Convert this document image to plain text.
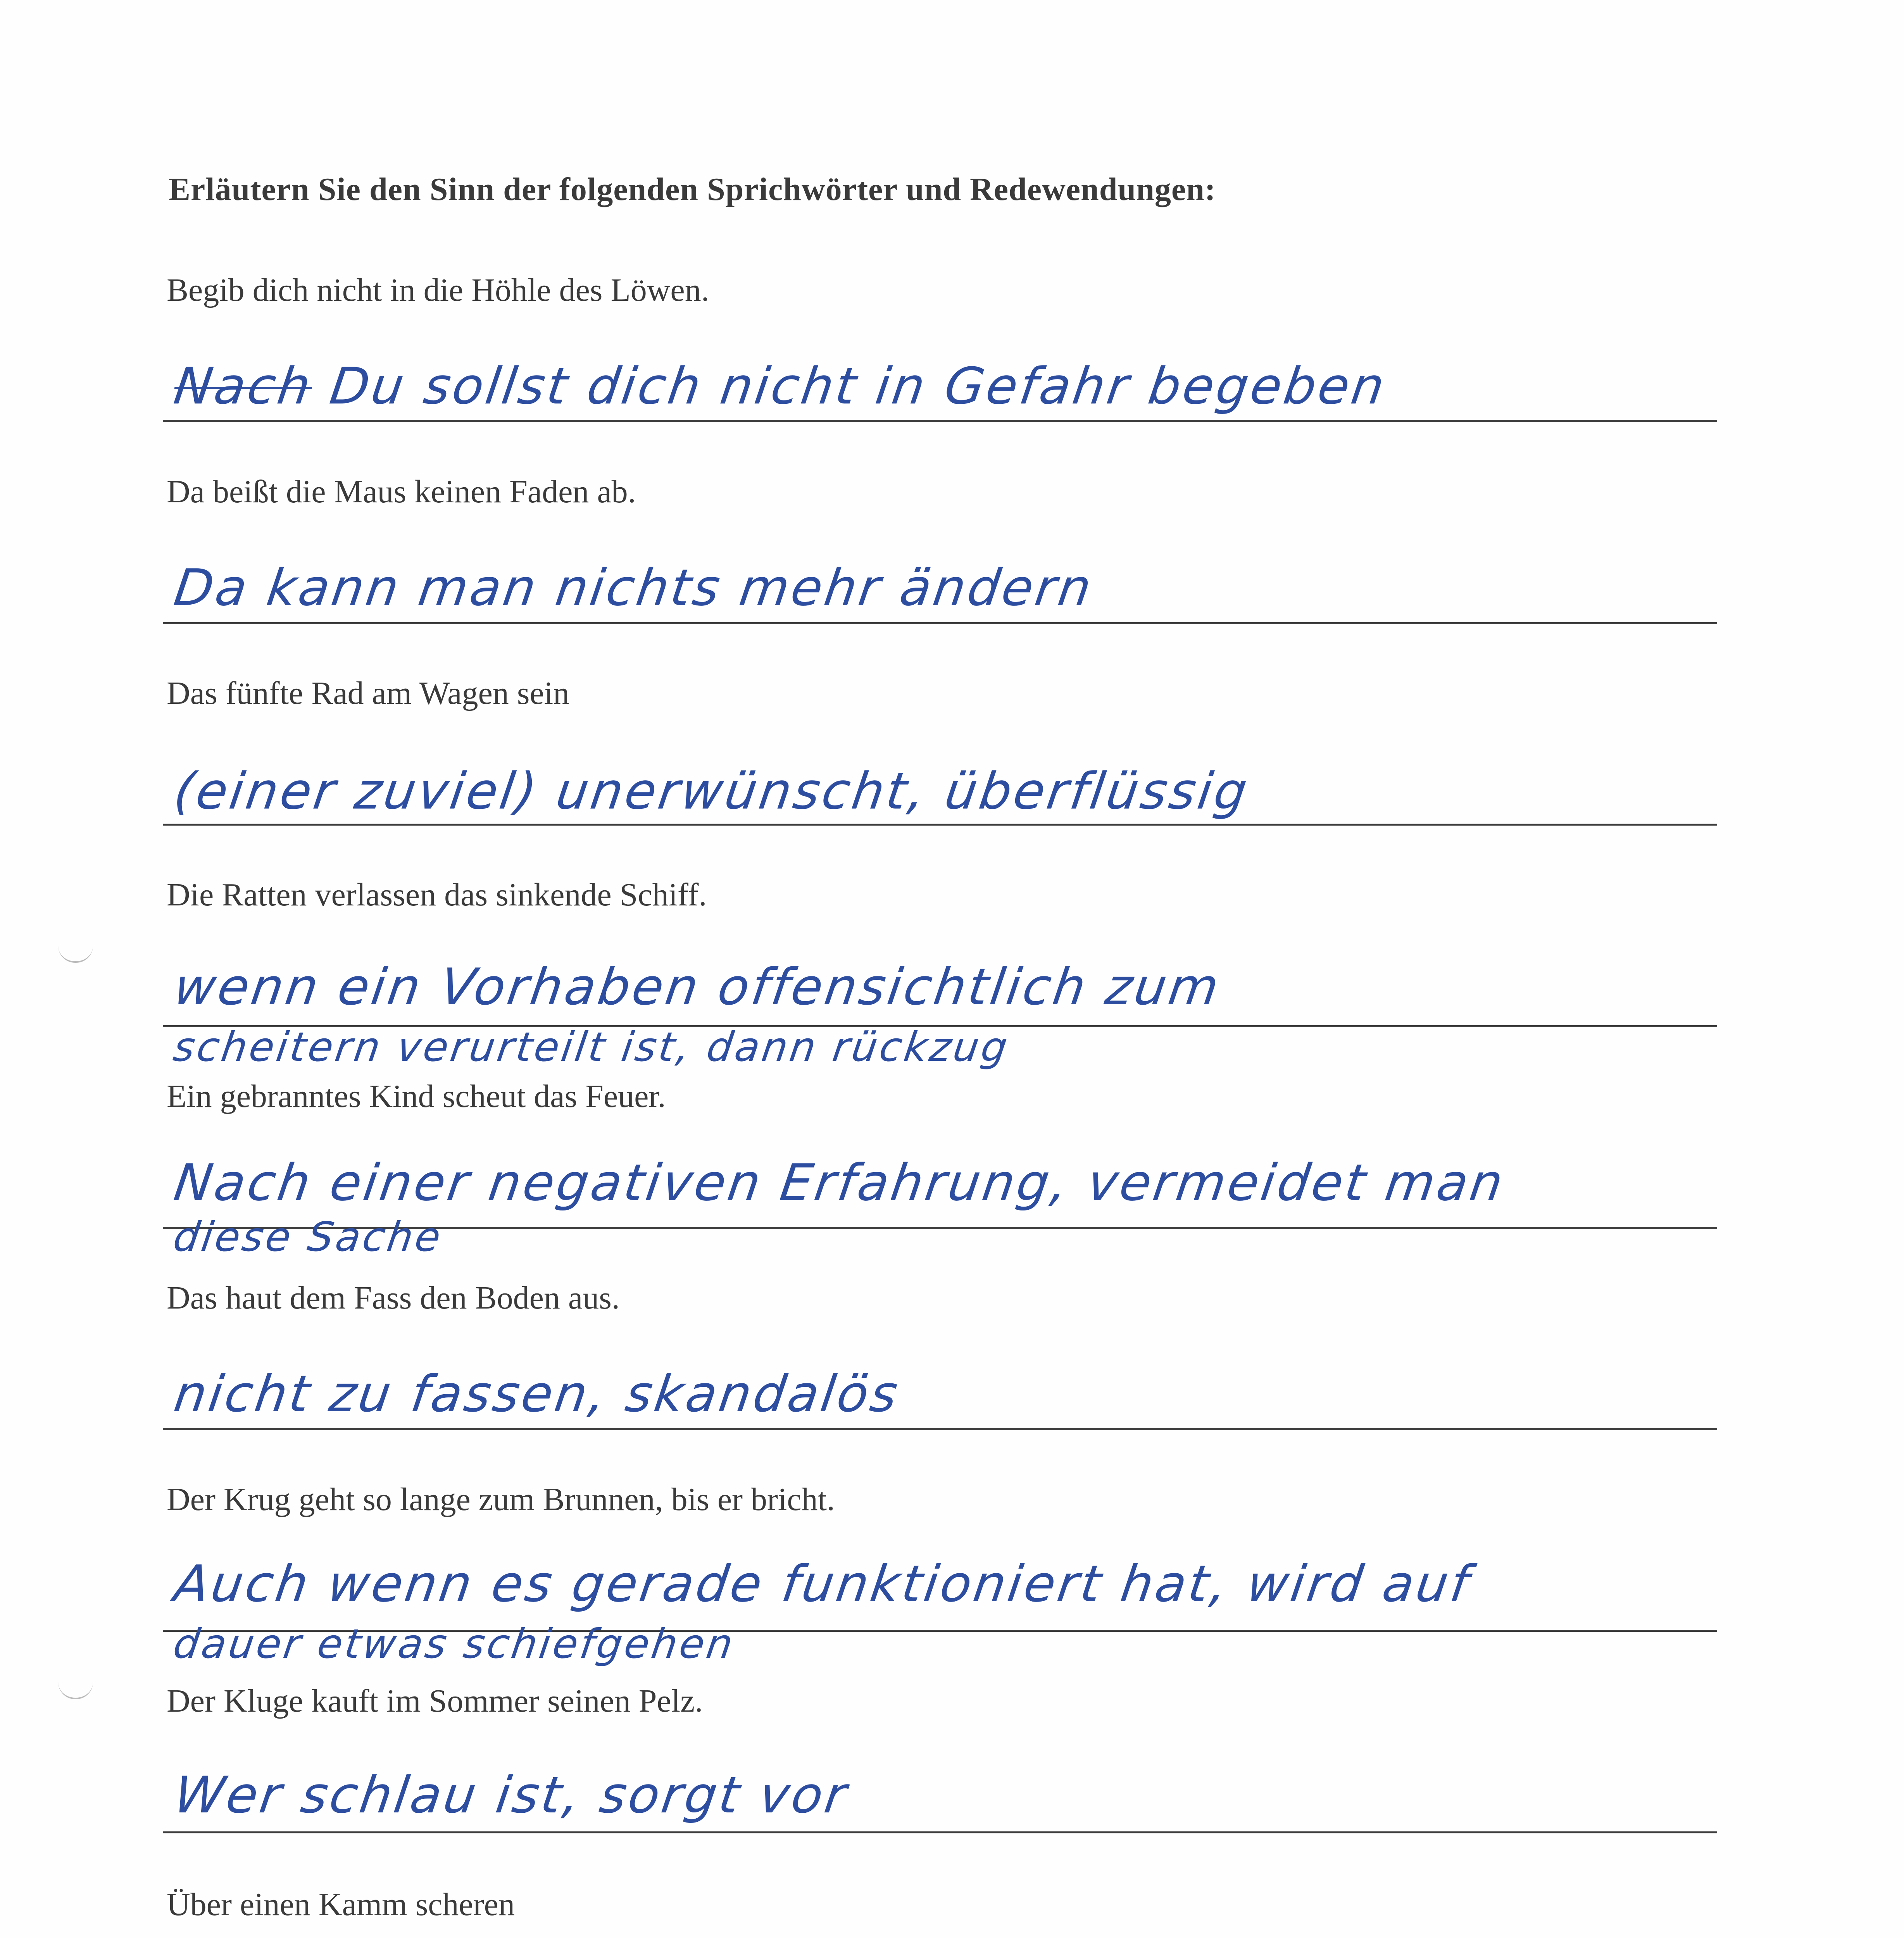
Erläutern Sie den Sinn der folgenden Sprichwörter und Redewendungen:
Begib dich nicht in die Höhle des Löwen.
Nach Du sollst dich nicht in Gefahr begeben
Da beißt die Maus keinen Faden ab.
Da kann man nichts mehr ändern
Das fünfte Rad am Wagen sein
(einer zuviel) unerwünscht, überflüssig
Die Ratten verlassen das sinkende Schiff.
wenn ein Vorhaben offensichtlich zum
scheitern verurteilt ist, dann rückzug
Ein gebranntes Kind scheut das Feuer.
Nach einer negativen Erfahrung, vermeidet man
diese Sache
Das haut dem Fass den Boden aus.
nicht zu fassen, skandalös
Der Krug geht so lange zum Brunnen, bis er bricht.
Auch wenn es gerade funktioniert hat, wird auf
dauer etwas schiefgehen
Der Kluge kauft im Sommer seinen Pelz.
Wer schlau ist, sorgt vor
Über einen Kamm scheren
